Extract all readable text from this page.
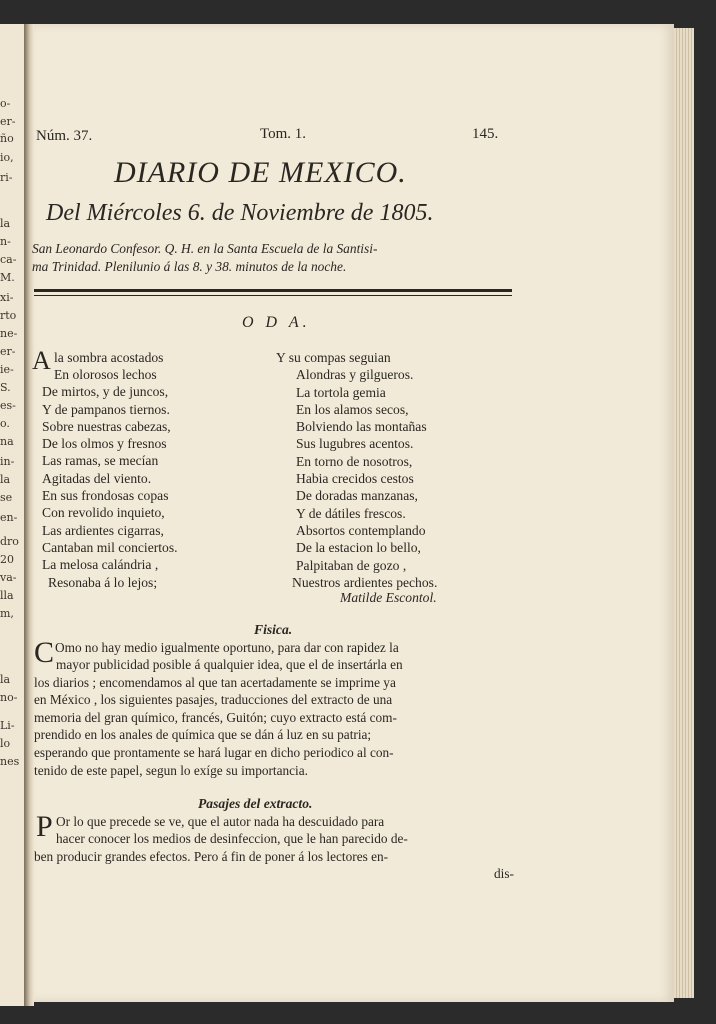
o-
er-
ño
io,
ri-
la
n-
ca-
M.
xi-
rto
ne-
er-
ie-
S.
es-
o.
na
in-
la
se
en-
dro
20
va-
lla
m,
la
no-
Li-
lo
nes
Núm. 37.	Tom. 1.	145.
DIARIO DE MEXICO.
Del Miércoles 6. de Noviembre de 1805.
San Leonardo Confesor. Q. H. en la Santa Escuela de la Santisi-
ma Trinidad. Plenilunio á las 8. y 38. minutos de la noche.
O D A.
A la sombra acostados
En olorosos lechos
De mirtos, y de juncos,
Y de pampanos tiernos.
Sobre nuestras cabezas,
De los olmos y fresnos
Las ramas, se mecían
Agitadas del viento.
En sus frondosas copas
Con revolido inquieto,
Las ardientes cigarras,
Cantaban mil conciertos.
La melosa calándria ,
Resonaba á lo lejos;
Y su compas seguian
Alondras y gilgueros.
La tortola gemia
En los alamos secos,
Bolviendo las montañas
Sus lugubres acentos.
En torno de nosotros,
Habia crecidos cestos
De doradas manzanas,
Y de dátiles frescos.
Absortos contemplando
De la estacion lo bello,
Palpitaban de gozo ,
Nuestros ardientes pechos.
Matilde Escontol.
Fisica.
C Omo no hay medio igualmente oportuno, para dar con rapidez la
mayor publicidad posible á qualquier idea, que el de insertárla en
los diarios ; encomendamos al que tan acertadamente se imprime ya
en México , los siguientes pasajes, traducciones del extracto de una
memoria del gran químico, francés, Guitón; cuyo extracto está com-
prendido en los anales de química que se dán á luz en su patria;
esperando que prontamente se hará lugar en dicho periodico al con-
tenido de este papel, segun lo exíge su importancia.
Pasajes del extracto.
P Or lo que precede se ve, que el autor nada ha descuidado para
hacer conocer los medios de desinfeccion, que le han parecido de-
ben producir grandes efectos. Pero á fin de poner á los lectores en-
dis-
